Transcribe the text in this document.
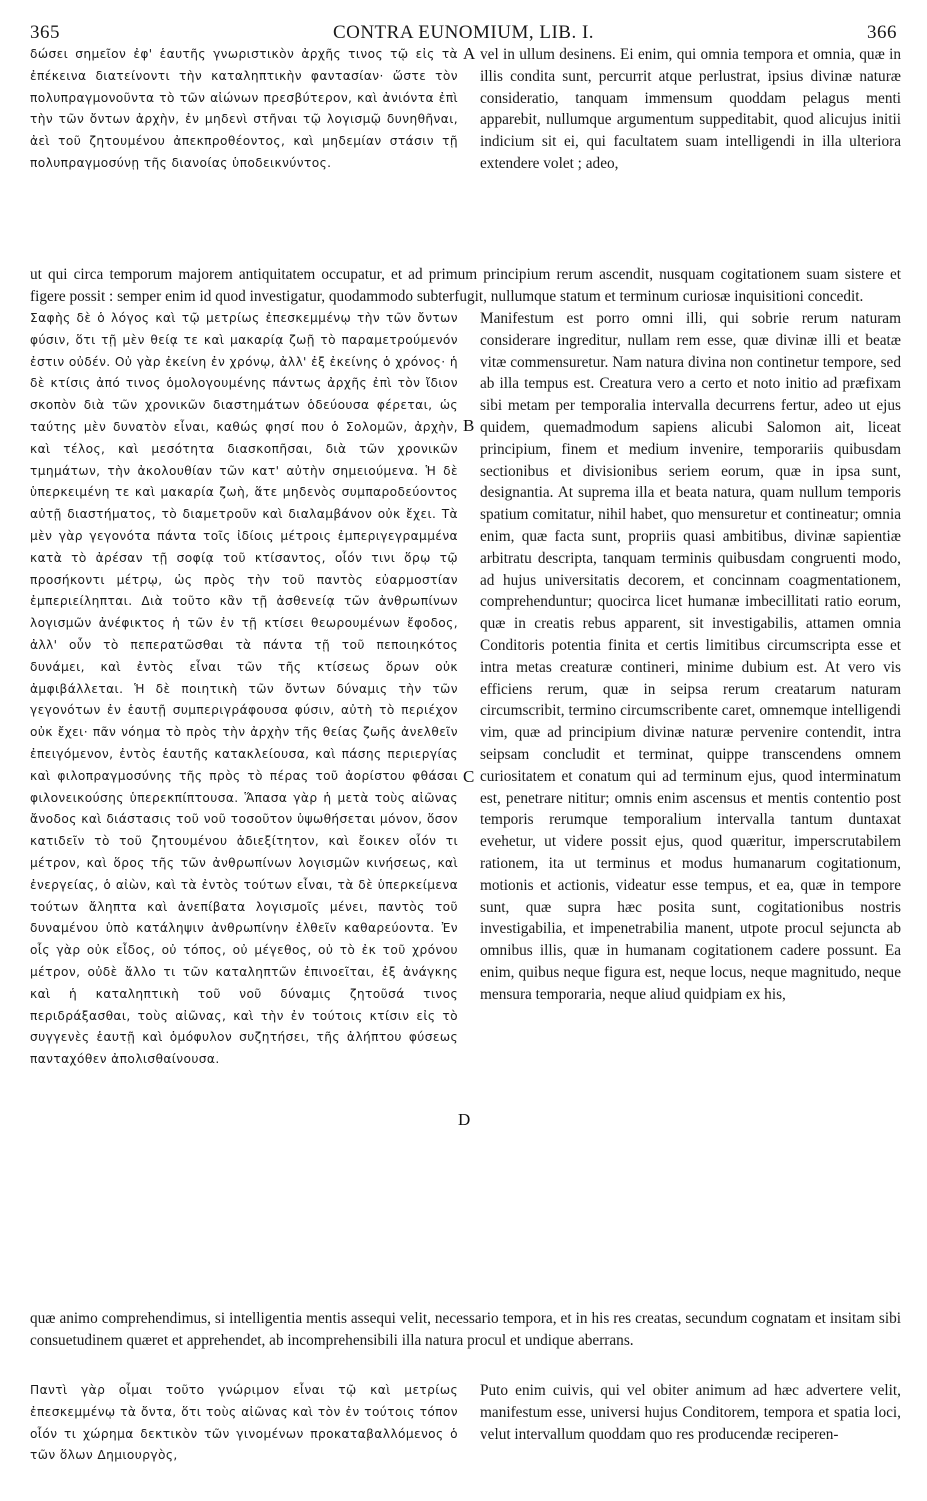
365	CONTRA EUNOMIUM, LIB. I.	366
δώσει σημεῖον ἐφ' ἑαυτῆς γνωριστικὸν ἀρχῆς τινος τῷ εἰς τὰ ἐπέκεινα διατείνοντι τὴν καταληπτικὴν φαντασίαν· ὥστε τὸν πολυπραγμονοῦντα τὸ τῶν αἰώνων πρεσβύτερον, καὶ ἀνιόντα ἐπὶ τὴν τῶν ὄντων ἀρχὴν, ἐν μηδενὶ στῆναι τῷ λογισμῷ δυνηθῆναι, ἀεὶ τοῦ ζητουμένου ἀπεκπροθέοντος, καὶ μηδεμίαν στάσιν τῇ πολυπραγμοσύνῃ τῆς διανοίας ὑποδεικνύντος.
vel in ullum desinens. Ei enim, qui omnia tempora et omnia, quæ in illis condita sunt, percurrit atque perlustrat, ipsius divinæ naturæ consideratio, tanquam immensum quoddam pelagus menti apparebit, nullumque argumentum suppeditabit, quod alicujus initii indicium sit ei, qui facultatem suam intelligendi in illa ulteriora extendere volet ; adeo,
ut qui circa temporum majorem antiquitatem occupatur, et ad primum principium rerum ascendit, nusquam cogitationem suam sistere et figere possit : semper enim id quod investigatur, quodammodo subterfugit, nullumque statum et terminum curiosæ inquisitioni concedit.
Σαφὴς δὲ ὁ λόγος καὶ τῷ μετρίως ἐπεσκεμμένῳ τὴν τῶν ὄντων φύσιν, ὅτι τῇ μὲν θείᾳ τε καὶ μακαρίᾳ ζωῇ τὸ παραμετρούμενόν ἐστιν οὐδέν. Οὐ γὰρ ἐκείνη ἐν χρόνῳ, ἀλλ' ἐξ ἐκείνης ὁ χρόνος· ἡ δὲ κτίσις ἀπό τινος ὁμολογουμένης πάντως ἀρχῆς ἐπὶ τὸν ἴδιον σκοπὸν διὰ τῶν χρονικῶν διαστημάτων ὁδεύουσα φέρεται, ὡς ταύτης μὲν δυνατὸν εἶναι, καθώς φησί που ὁ Σολομῶν, ἀρχὴν, καὶ τέλος, καὶ μεσότητα διασκοπῆσαι, διὰ τῶν χρονικῶν τμημάτων, τὴν ἀκολουθίαν τῶν κατ' αὐτὴν σημειούμενα. Ἡ δὲ ὑπερκειμένη τε καὶ μακαρία ζωὴ, ἅτε μηδενὸς συμπαροδεύοντος αὐτῇ διαστήματος, τὸ διαμετροῦν καὶ διαλαμβάνον οὐκ ἔχει. Τὰ μὲν γὰρ γεγονότα πάντα τοῖς ἰδίοις μέτροις ἐμπεριγεγραμμένα κατὰ τὸ ἀρέσαν τῇ σοφίᾳ τοῦ κτίσαντος, οἷόν τινι ὅρῳ τῷ προσήκοντι μέτρῳ, ὡς πρὸς τὴν τοῦ παντὸς εὐαρμοστίαν ἐμπεριείληπται. Διὰ τοῦτο κἂν τῇ ἀσθενείᾳ τῶν ἀνθρωπίνων λογισμῶν ἀνέφικτος ἡ τῶν ἐν τῇ κτίσει θεωρουμένων ἔφοδος, ἀλλ' οὖν τὸ πεπερατῶσθαι τὰ πάντα τῇ τοῦ πεποιηκότος δυνάμει, καὶ ἐντὸς εἶναι τῶν τῆς κτίσεως ὅρων οὐκ ἀμφιβάλλεται. Ἡ δὲ ποιητικὴ τῶν ὄντων δύναμις τὴν τῶν γεγονότων ἐν ἑαυτῇ συμπεριγράφουσα φύσιν, αὐτὴ τὸ περιέχον οὐκ ἔχει· πᾶν νόημα τὸ πρὸς τὴν ἀρχὴν τῆς θείας ζωῆς ἀνελθεῖν ἐπειγόμενον, ἐντὸς ἑαυτῆς κατακλείουσα, καὶ πάσης περιεργίας καὶ φιλοπραγμοσύνης τῆς πρὸς τὸ πέρας τοῦ ἀορίστου φθάσαι φιλονεικούσης ὑπερεκπίπτουσα. Ἅπασα γὰρ ἡ μετὰ τοὺς αἰῶνας ἄνοδος καὶ διάστασις τοῦ νοῦ τοσοῦτον ὑψωθήσεται μόνον, ὅσον κατιδεῖν τὸ τοῦ ζητουμένου ἀδιεξίτητον, καὶ ἔοικεν οἷόν τι μέτρον, καὶ ὅρος τῆς τῶν ἀνθρωπίνων λογισμῶν κινήσεως, καὶ ἐνεργείας, ὁ αἰὼν, καὶ τὰ ἐντὸς τούτων εἶναι, τὰ δὲ ὑπερκείμενα τούτων ἄληπτα καὶ ἀνεπίβατα λογισμοῖς μένει, παντὸς τοῦ δυναμένου ὑπὸ κατάληψιν ἀνθρωπίνην ἐλθεῖν καθαρεύοντα. Ἐν οἷς γὰρ οὐκ εἶδος, οὐ τόπος, οὐ μέγεθος, οὐ τὸ ἐκ τοῦ χρόνου μέτρον, οὐδὲ ἄλλο τι τῶν καταληπτῶν ἐπινοεῖται, ἐξ ἀνάγκης καὶ ἡ καταληπτικὴ τοῦ νοῦ δύναμις ζητοῦσά τινος περιδράξασθαι, τοὺς αἰῶνας, καὶ τὴν ἐν τούτοις κτίσιν εἰς τὸ συγγενὲς ἑαυτῇ καὶ ὁμόφυλον συζητήσει, τῆς ἀλήπτου φύσεως πανταχόθεν ἀπολισθαίνουσα.
Manifestum est porro omni illi, qui sobrie rerum naturam considerare ingreditur, nullam rem esse, quæ divinæ illi et beatæ vitæ commensuretur. Nam natura divina non continetur tempore, sed ab illa tempus est. Creatura vero a certo et noto initio ad præfixam sibi metam per temporalia intervalla decurrens fertur, adeo ut ejus quidem, quemadmodum sapiens alicubi Salomon ait, liceat principium, finem et medium invenire, temporariis quibusdam sectionibus et divisionibus seriem eorum, quæ in ipsa sunt, designantia. At suprema illa et beata natura, quam nullum temporis spatium comitatur, nihil habet, quo mensuretur et contineatur; omnia enim, quæ facta sunt, propriis quasi ambitibus, divinæ sapientiæ arbitratu descripta, tanquam terminis quibusdam congruenti modo, ad hujus universitatis decorem, et concinnam coagmentationem, comprehenduntur; quocirca licet humanæ imbecillitati ratio eorum, quæ in creatis rebus apparent, sit investigabilis, attamen omnia Conditoris potentia finita et certis limitibus circumscripta esse et intra metas creaturæ contineri, minime dubium est. At vero vis efficiens rerum, quæ in seipsa rerum creatarum naturam circumscribit, termino circumscribente caret, omnemque intelligendi vim, quæ ad principium divinæ naturæ pervenire contendit, intra seipsam concludit et terminat, quippe transcendens omnem curiositatem et conatum qui ad terminum ejus, quod interminatum est, penetrare nititur; omnis enim ascensus et mentis contentio post temporis rerumque temporalium intervalla tantum duntaxat evehetur, ut videre possit ejus, quod quæritur, imperscrutabilem rationem, ita ut terminus et modus humanarum cogitationum, motionis et actionis, videatur esse tempus, et ea, quæ in tempore sunt, quæ supra hæc posita sunt, cogitationibus nostris investigabilia, et impenetrabilia manent, utpote procul sejuncta ab omnibus illis, quæ in humanam cogitationem cadere possunt. Ea enim, quibus neque figura est, neque locus, neque magnitudo, neque mensura temporaria, neque aliud quidpiam ex his,
quæ animo comprehendimus, si intelligentia mentis assequi velit, necessario tempora, et in his res creatas, secundum cognatam et insitam sibi consuetudinem quæret et apprehendet, ab incomprehensibili illa natura procul et undique aberrans.
Παντὶ γὰρ οἶμαι τοῦτο γνώριμον εἶναι τῷ καὶ μετρίως ἐπεσκεμμένῳ τὰ ὄντα, ὅτι τοὺς αἰῶνας καὶ τὸν ἐν τούτοις τόπον οἷόν τι χώρημα δεκτικὸν τῶν γινομένων προκαταβαλλόμενος ὁ τῶν ὅλων Δημιουργὸς,
Puto enim cuivis, qui vel obiter animum ad hæc advertere velit, manifestum esse, universi hujus Conditorem, tempora et spatia loci, velut intervallum quoddam quo res producendæ reciperen-
A
B
C
D
